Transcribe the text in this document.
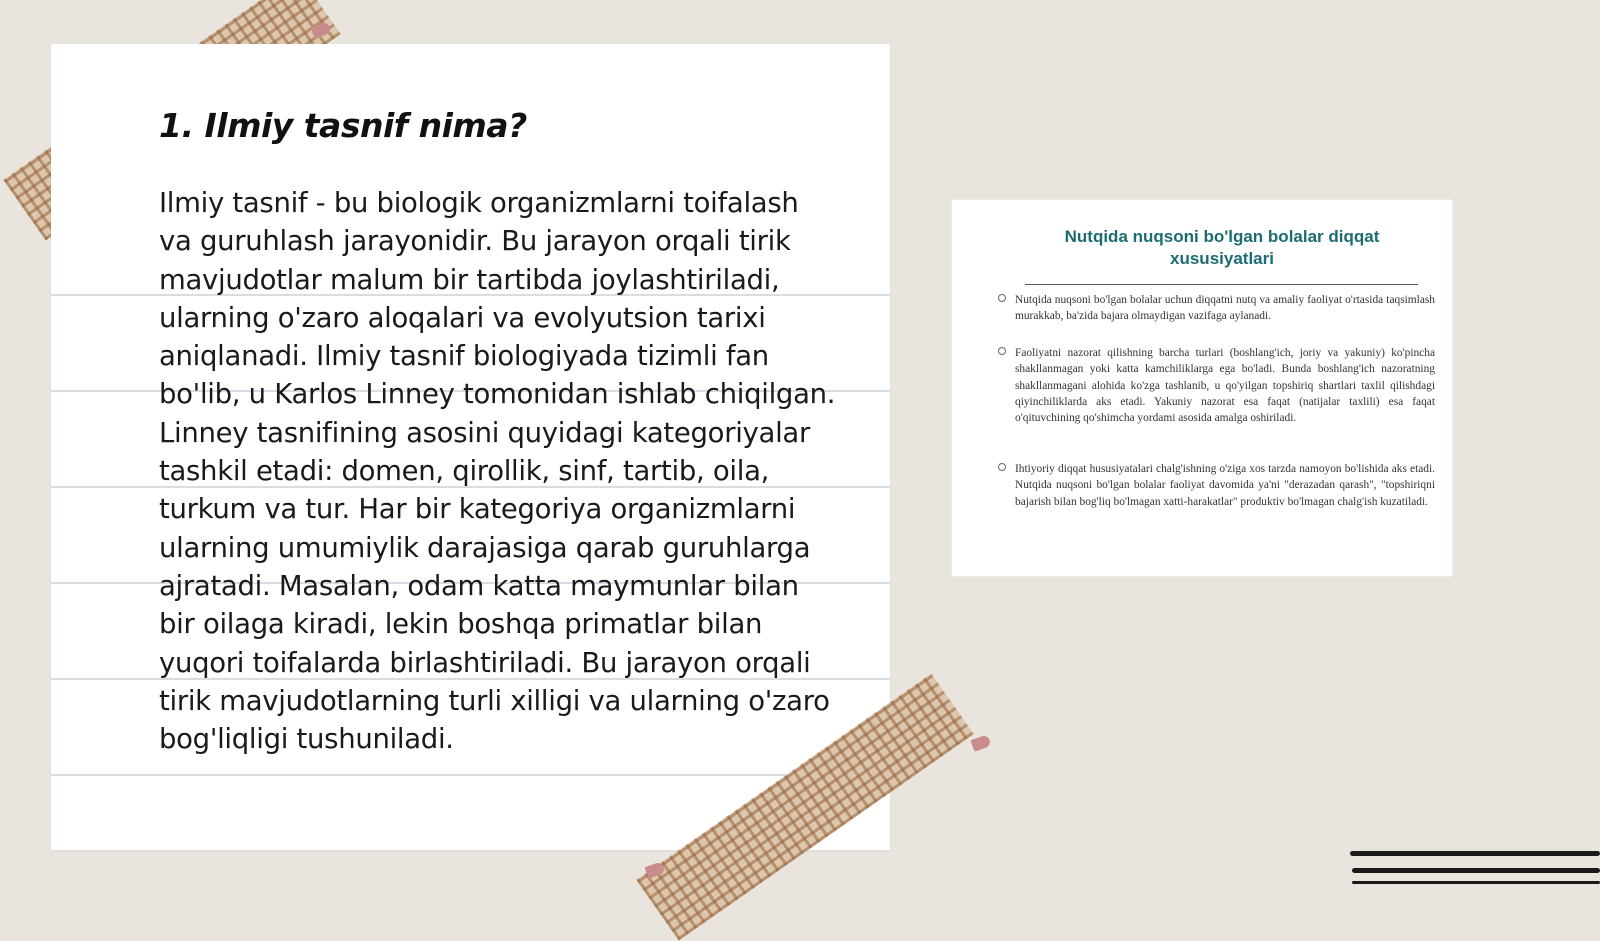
1. Ilmiy tasnif nima?

Ilmiy tasnif - bu biologik organizmlarni toifalash va guruhlash jarayonidir. Bu jarayon orqali tirik mavjudotlar malum bir tartibda joylashtiriladi, ularning o'zaro aloqalari va evolyutsion tarixi aniqlanadi. Ilmiy tasnif biologiyada tizimli fan bo'lib, u Karlos Linney tomonidan ishlab chiqilgan. Linney tasnifining asosini quyidagi kategoriyalar tashkil etadi: domen, qirollik, sinf, tartib, oila, turkum va tur. Har bir kategoriya organizmlarni ularning umumiylik darajasiga qarab guruhlarga ajratadi. Masalan, odam katta maymunlar bilan bir oilaga kiradi, lekin boshqa primatlar bilan yuqori toifalarda birlashtiriladi. Bu jarayon orqali tirik mavjudotlarning turli xilligi va ularning o'zaro bog'liqligi tushuniladi.

Nutqida nuqsoni bo'lgan bolalar diqqat xususiyatlari

Nutqida nuqsoni bo'lgan bolalar uchun diqqatni nutq va amaliy faoliyat o'rtasida taqsimlash murakkab, ba'zida bajara olmaydigan vazifaga aylanadi.

Faoliyatni nazorat qilishning barcha turlari (boshlang'ich, joriy va yakuniy) ko'pincha shakllanmagan yoki katta kamchiliklarga ega bo'ladi. Bunda boshlang'ich nazoratning shakllanmagani alohida ko'zga tashlanib, u qo'yilgan topshiriq shartlari taxlil qilishdagi qiyinchiliklarda aks etadi. Yakuniy nazorat esa faqat (natijalar taxlili) esa faqat o'qituvchining qo'shimcha yordami asosida amalga oshiriladi.

Ihtiyoriy diqqat hususiyatalari chalg'ishning o'ziga xos tarzda namoyon bo'lishida aks etadi. Nutqida nuqsoni bo'lgan bolalar faoliyat davomida ya'ni "derazadan qarash", "topshiriqni bajarish bilan bog'liq bo'lmagan xatti-harakatlar" produktiv bo'lmagan chalg'ish kuzatiladi.
